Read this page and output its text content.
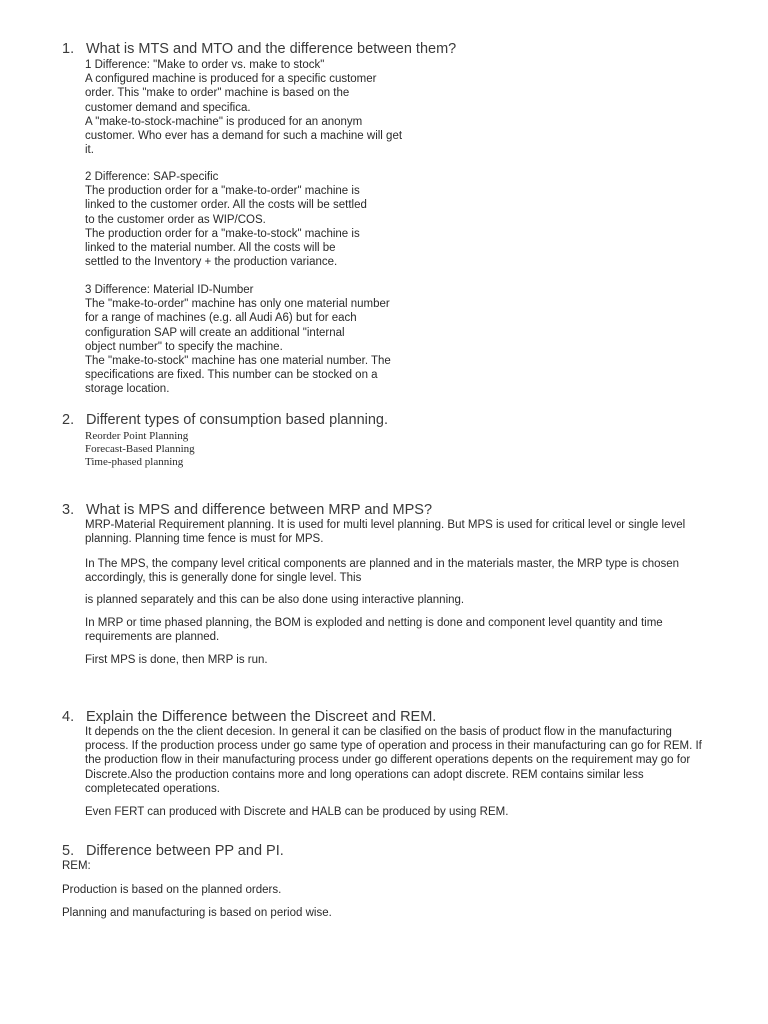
1. What is MTS and MTO and the difference between them?
1 Difference: "Make to order vs. make to stock"
A configured machine is produced for a specific customer
order. This "make to order" machine is based on the
customer demand and specifica.
A "make-to-stock-machine" is produced for an anonym
customer. Who ever has a demand for such a machine will get
it.
2 Difference: SAP-specific
The production order for a "make-to-order" machine is
linked to the customer order. All the costs will be settled
to the customer order as WIP/COS.
The production order for a "make-to-stock" machine is
linked to the material number. All the costs will be
settled to the Inventory + the production variance.
3 Difference: Material ID-Number
The "make-to-order" machine has only one material number
for a range of machines (e.g. all Audi A6) but for each
configuration SAP will create an additional "internal
object number" to specify the machine.
The "make-to-stock" machine has one material number. The
specifications are fixed. This number can be stocked on a
storage location.
2. Different types of consumption based planning.
Reorder Point Planning
Forecast-Based Planning
Time-phased planning
3. What is MPS and difference between MRP and MPS?
MRP-Material Requirement planning. It is used for multi level planning. But MPS is used for critical level or single level
planning. Planning time fence is must for MPS.
In The MPS, the company level critical components are planned and in the materials master, the MRP type is chosen
accordingly, this is generally done for single level. This
is planned separately and this can be also done using interactive planning.
In MRP or time phased planning, the BOM is exploded and netting is done and component level quantity and time
requirements are planned.
First MPS is done, then MRP is run.
4. Explain the Difference between the Discreet and REM.
It depends on the the client decesion. In general it can be clasified on the basis of product flow in the manufacturing
process. If the production process under go same type of operation and process in their manufacturing can go for REM. If
the production flow in their manufacturing process under go different operations depents on the requirement may go for
Discrete.Also the production contains more and long operations can adopt discrete. REM contains similar less
completecated operations.
Even FERT can produced with Discrete and HALB can be produced by using REM.
5. Difference between PP and PI.
REM:
Production is based on the planned orders.
Planning and manufacturing is based on period wise.
